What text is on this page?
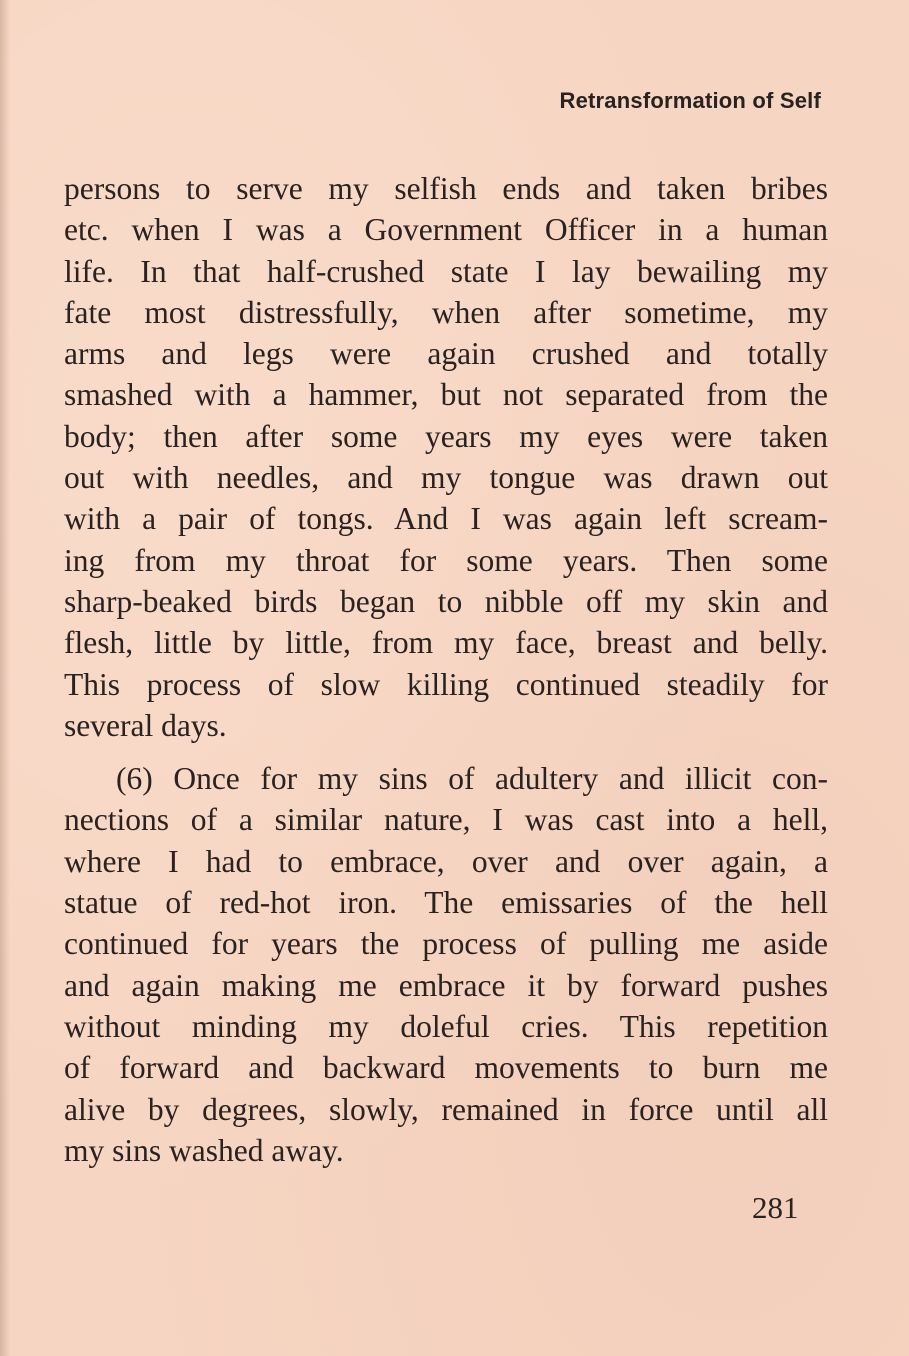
Retransformation of Self
persons to serve my selfish ends and taken bribes
etc. when I was a Government Officer in a human
life. In that half-crushed state I lay bewailing my
fate most distressfully, when after sometime, my
arms and legs were again crushed and totally
smashed with a hammer, but not separated from the
body; then after some years my eyes were taken
out with needles, and my tongue was drawn out
with a pair of tongs. And I was again left scream-
ing from my throat for some years. Then some
sharp-beaked birds began to nibble off my skin and
flesh, little by little, from my face, breast and belly.
This process of slow killing continued steadily for
several days.
(6) Once for my sins of adultery and illicit con-
nections of a similar nature, I was cast into a hell,
where I had to embrace, over and over again, a
statue of red-hot iron. The emissaries of the hell
continued for years the process of pulling me aside
and again making me embrace it by forward pushes
without minding my doleful cries. This repetition
of forward and backward movements to burn me
alive by degrees, slowly, remained in force until all
my sins washed away.
281
